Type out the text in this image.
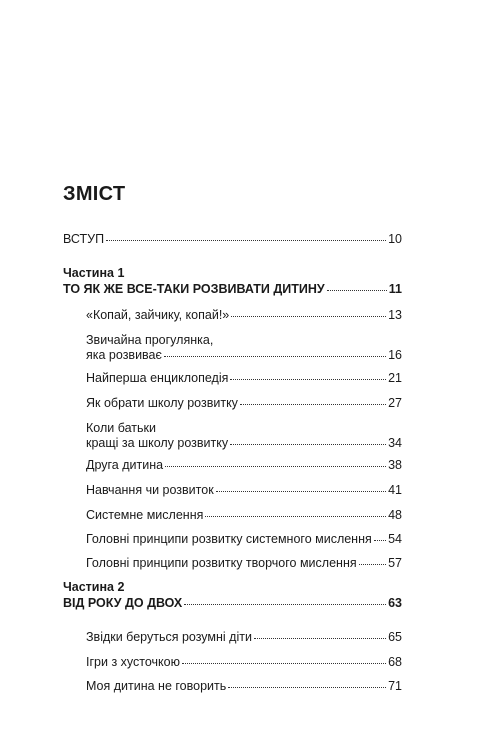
ЗМІСТ
ВСТУП	10
Частина 1
ТО ЯК ЖЕ ВСЕ-ТАКИ РОЗВИВАТИ ДИТИНУ	11
«Копай, зайчику, копай!»	13
Звичайна прогулянка,
яка розвиває	16
Найперша енциклопедія	21
Як обрати школу розвитку	27
Коли батьки
кращі за школу розвитку	34
Друга дитина	38
Навчання чи розвиток	41
Системне мислення	48
Головні принципи розвитку системного мислення 54
Головні принципи розвитку творчого мислення	57
Частина 2
ВІД РОКУ ДО ДВОХ	63
Звідки беруться розумні діти	65
Ігри з хусточкою	68
Моя дитина не говорить	71
